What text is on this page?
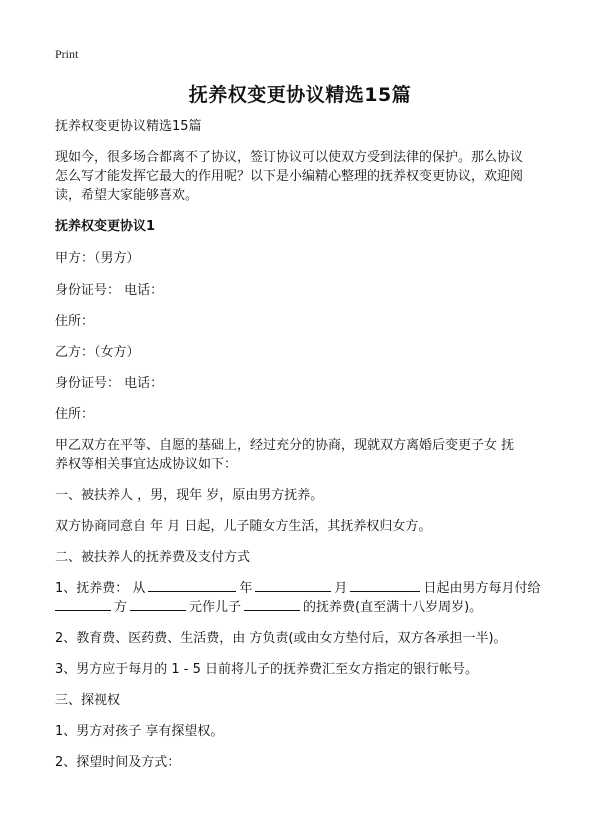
Print
抚养权变更协议精选15篇
抚养权变更协议精选15篇
现如今，很多场合都离不了协议，签订协议可以使双方受到法律的保护。那么协议
怎么写才能发挥它最大的作用呢？以下是小编精心整理的抚养权变更协议，欢迎阅
读，希望大家能够喜欢。
抚养权变更协议1
甲方：（男方）
身份证号： 电话：
住所：
乙方：（女方）
身份证号： 电话：
住所：
甲乙双方在平等、自愿的基础上，经过充分的协商，现就双方离婚后变更子女 抚
养权等相关事宜达成协议如下：
一、被扶养人 ，男，现年 岁，原由男方抚养。
双方协商同意自 年 月 日起，儿子随女方生活，其抚养权归女方。
二、被扶养人的抚养费及支付方式
1、抚养费： 从	年	月	日起由男方每月付给
方	元作儿子	的抚养费(直至满十八岁周岁)。
2、教育费、医药费、生活费，由 方负责(或由女方垫付后，双方各承担一半)。
3、男方应于每月的 1 - 5 日前将儿子的抚养费汇至女方指定的银行帐号。
三、探视权
1、男方对孩子 享有探望权。
2、探望时间及方式：
